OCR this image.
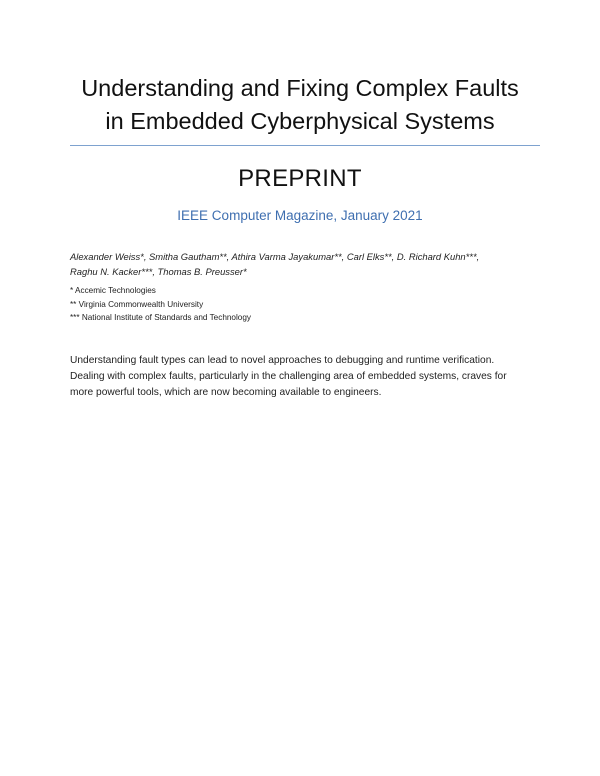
Understanding and Fixing Complex Faults
in Embedded Cyberphysical Systems
PREPRINT
IEEE Computer Magazine, January 2021
Alexander Weiss*, Smitha Gautham**, Athira Varma Jayakumar**, Carl Elks**, D. Richard Kuhn***,
Raghu N. Kacker***, Thomas B. Preusser*
* Accemic Technologies
** Virginia Commonwealth University
*** National Institute of Standards and Technology
Understanding fault types can lead to novel approaches to debugging and runtime verification.
Dealing with complex faults, particularly in the challenging area of embedded systems, craves for
more powerful tools, which are now becoming available to engineers.
